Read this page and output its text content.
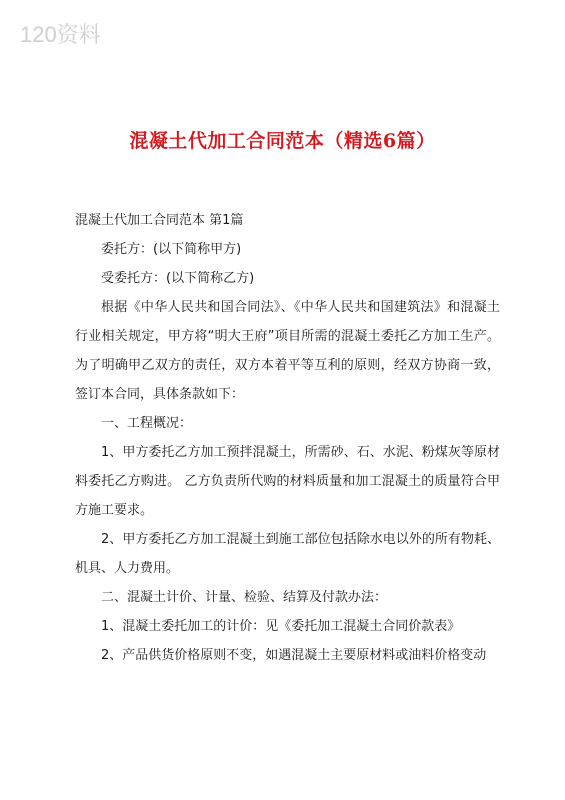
120资料
混凝土代加工合同范本（精选6篇）

混凝土代加工合同范本 第1篇

委托方：(以下简称甲方)

受委托方：(以下简称乙方)

根据《中华人民共和国合同法》、《中华人民共和国建筑法》和混凝土行业相关规定，甲方将“明大王府”项目所需的混凝土委托乙方加工生产。为了明确甲乙双方的责任，双方本着平等互利的原则，经双方协商一致，签订本合同，具体条款如下：

一、工程概况：

1、甲方委托乙方加工预拌混凝土，所需砂、石、水泥、粉煤灰等原材料委托乙方购进。 乙方负责所代购的材料质量和加工混凝土的质量符合甲方施工要求。

2、甲方委托乙方加工混凝土到施工部位包括除水电以外的所有物耗、机具、人力费用。

二、混凝土计价、计量、检验、结算及付款办法：

1、混凝土委托加工的计价：见《委托加工混凝土合同价款表》

2、产品供货价格原则不变，如遇混凝土主要原材料或油料价格变动
